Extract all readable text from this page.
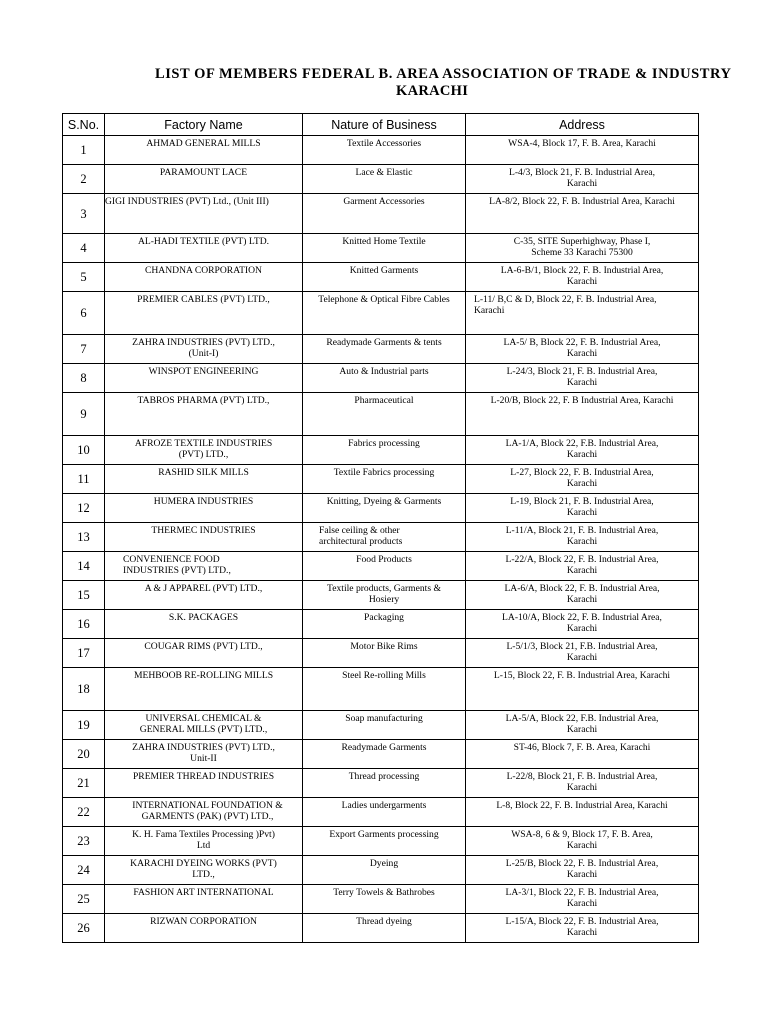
LIST OF MEMBERS FEDERAL B. AREA ASSOCIATION OF TRADE & INDUSTRY
KARACHI
S.No.	Factory Name	Nature of Business	Address
1	AHMAD GENERAL MILLS	Textile Accessories	WSA-4, Block 17, F. B. Area, Karachi
2	PARAMOUNT LACE	Lace & Elastic	L-4/3, Block 21, F. B. Industrial Area,
Karachi
3	GIGI INDUSTRIES (PVT) Ltd., (Unit III)	Garment Accessories	LA-8/2, Block 22, F. B. Industrial Area, Karachi
4	AL-HADI TEXTILE (PVT) LTD.	Knitted Home Textile	C-35, SITE Superhighway, Phase I,
Scheme 33 Karachi 75300
5	CHANDNA CORPORATION	Knitted Garments	LA-6-B/1, Block 22, F. B. Industrial Area,
Karachi
6	PREMIER CABLES (PVT) LTD.,	Telephone & Optical Fibre Cables	L-11/ B,C & D, Block 22, F. B. Industrial Area,
Karachi
7	ZAHRA INDUSTRIES (PVT) LTD.,
(Unit-I)	Readymade Garments & tents	LA-5/ B, Block 22, F. B. Industrial Area,
Karachi
8	WINSPOT ENGINEERING	Auto & Industrial parts	L-24/3, Block 21, F. B. Industrial Area,
Karachi
9	TABROS PHARMA (PVT) LTD.,	Pharmaceutical	L-20/B, Block 22, F. B Industrial Area, Karachi
10	AFROZE TEXTILE INDUSTRIES
(PVT) LTD.,	Fabrics processing	LA-1/A, Block 22, F.B. Industrial Area,
Karachi
11	RASHID SILK MILLS	Textile Fabrics processing	L-27, Block 22, F. B. Industrial Area,
Karachi
12	HUMERA INDUSTRIES	Knitting, Dyeing & Garments	L-19, Block 21, F. B. Industrial Area,
Karachi
13	THERMEC INDUSTRIES	False ceiling & other
architectural products	L-11/A, Block 21, F. B. Industrial Area,
Karachi
14	CONVENIENCE FOOD
INDUSTRIES (PVT) LTD.,	Food Products	L-22/A, Block 22, F. B. Industrial Area,
Karachi
15	A & J APPAREL (PVT) LTD.,	Textile products, Garments &
Hosiery	LA-6/A, Block 22, F. B. Industrial Area,
Karachi
16	S.K. PACKAGES	Packaging	LA-10/A, Block 22, F. B. Industrial Area,
Karachi
17	COUGAR RIMS (PVT) LTD.,	Motor Bike Rims	L-5/1/3, Block 21, F.B. Industrial Area,
Karachi
18	MEHBOOB RE-ROLLING MILLS	Steel Re-rolling Mills	L-15, Block 22, F. B. Industrial Area, Karachi
19	UNIVERSAL CHEMICAL &
GENERAL MILLS (PVT) LTD.,	Soap manufacturing	LA-5/A, Block 22, F.B. Industrial Area,
Karachi
20	ZAHRA INDUSTRIES (PVT) LTD.,
Unit-II	Readymade Garments	ST-46, Block 7, F. B. Area, Karachi
21	PREMIER THREAD INDUSTRIES	Thread processing	L-22/8, Block 21, F. B. Industrial Area,
Karachi
22	INTERNATIONAL FOUNDATION &
GARMENTS (PAK) (PVT) LTD.,	Ladies undergarments	L-8, Block 22, F. B. Industrial Area, Karachi
23	K. H. Fama Textiles Processing )Pvt)
Ltd	Export Garments processing	WSA-8, 6 & 9, Block 17, F. B. Area,
Karachi
24	KARACHI DYEING WORKS (PVT)
LTD.,	Dyeing	L-25/B, Block 22, F. B. Industrial Area,
Karachi
25	FASHION ART INTERNATIONAL	Terry Towels & Bathrobes	LA-3/1, Block 22, F. B. Industrial Area,
Karachi
26	RIZWAN CORPORATION	Thread dyeing	L-15/A, Block 22, F. B. Industrial Area,
Karachi
